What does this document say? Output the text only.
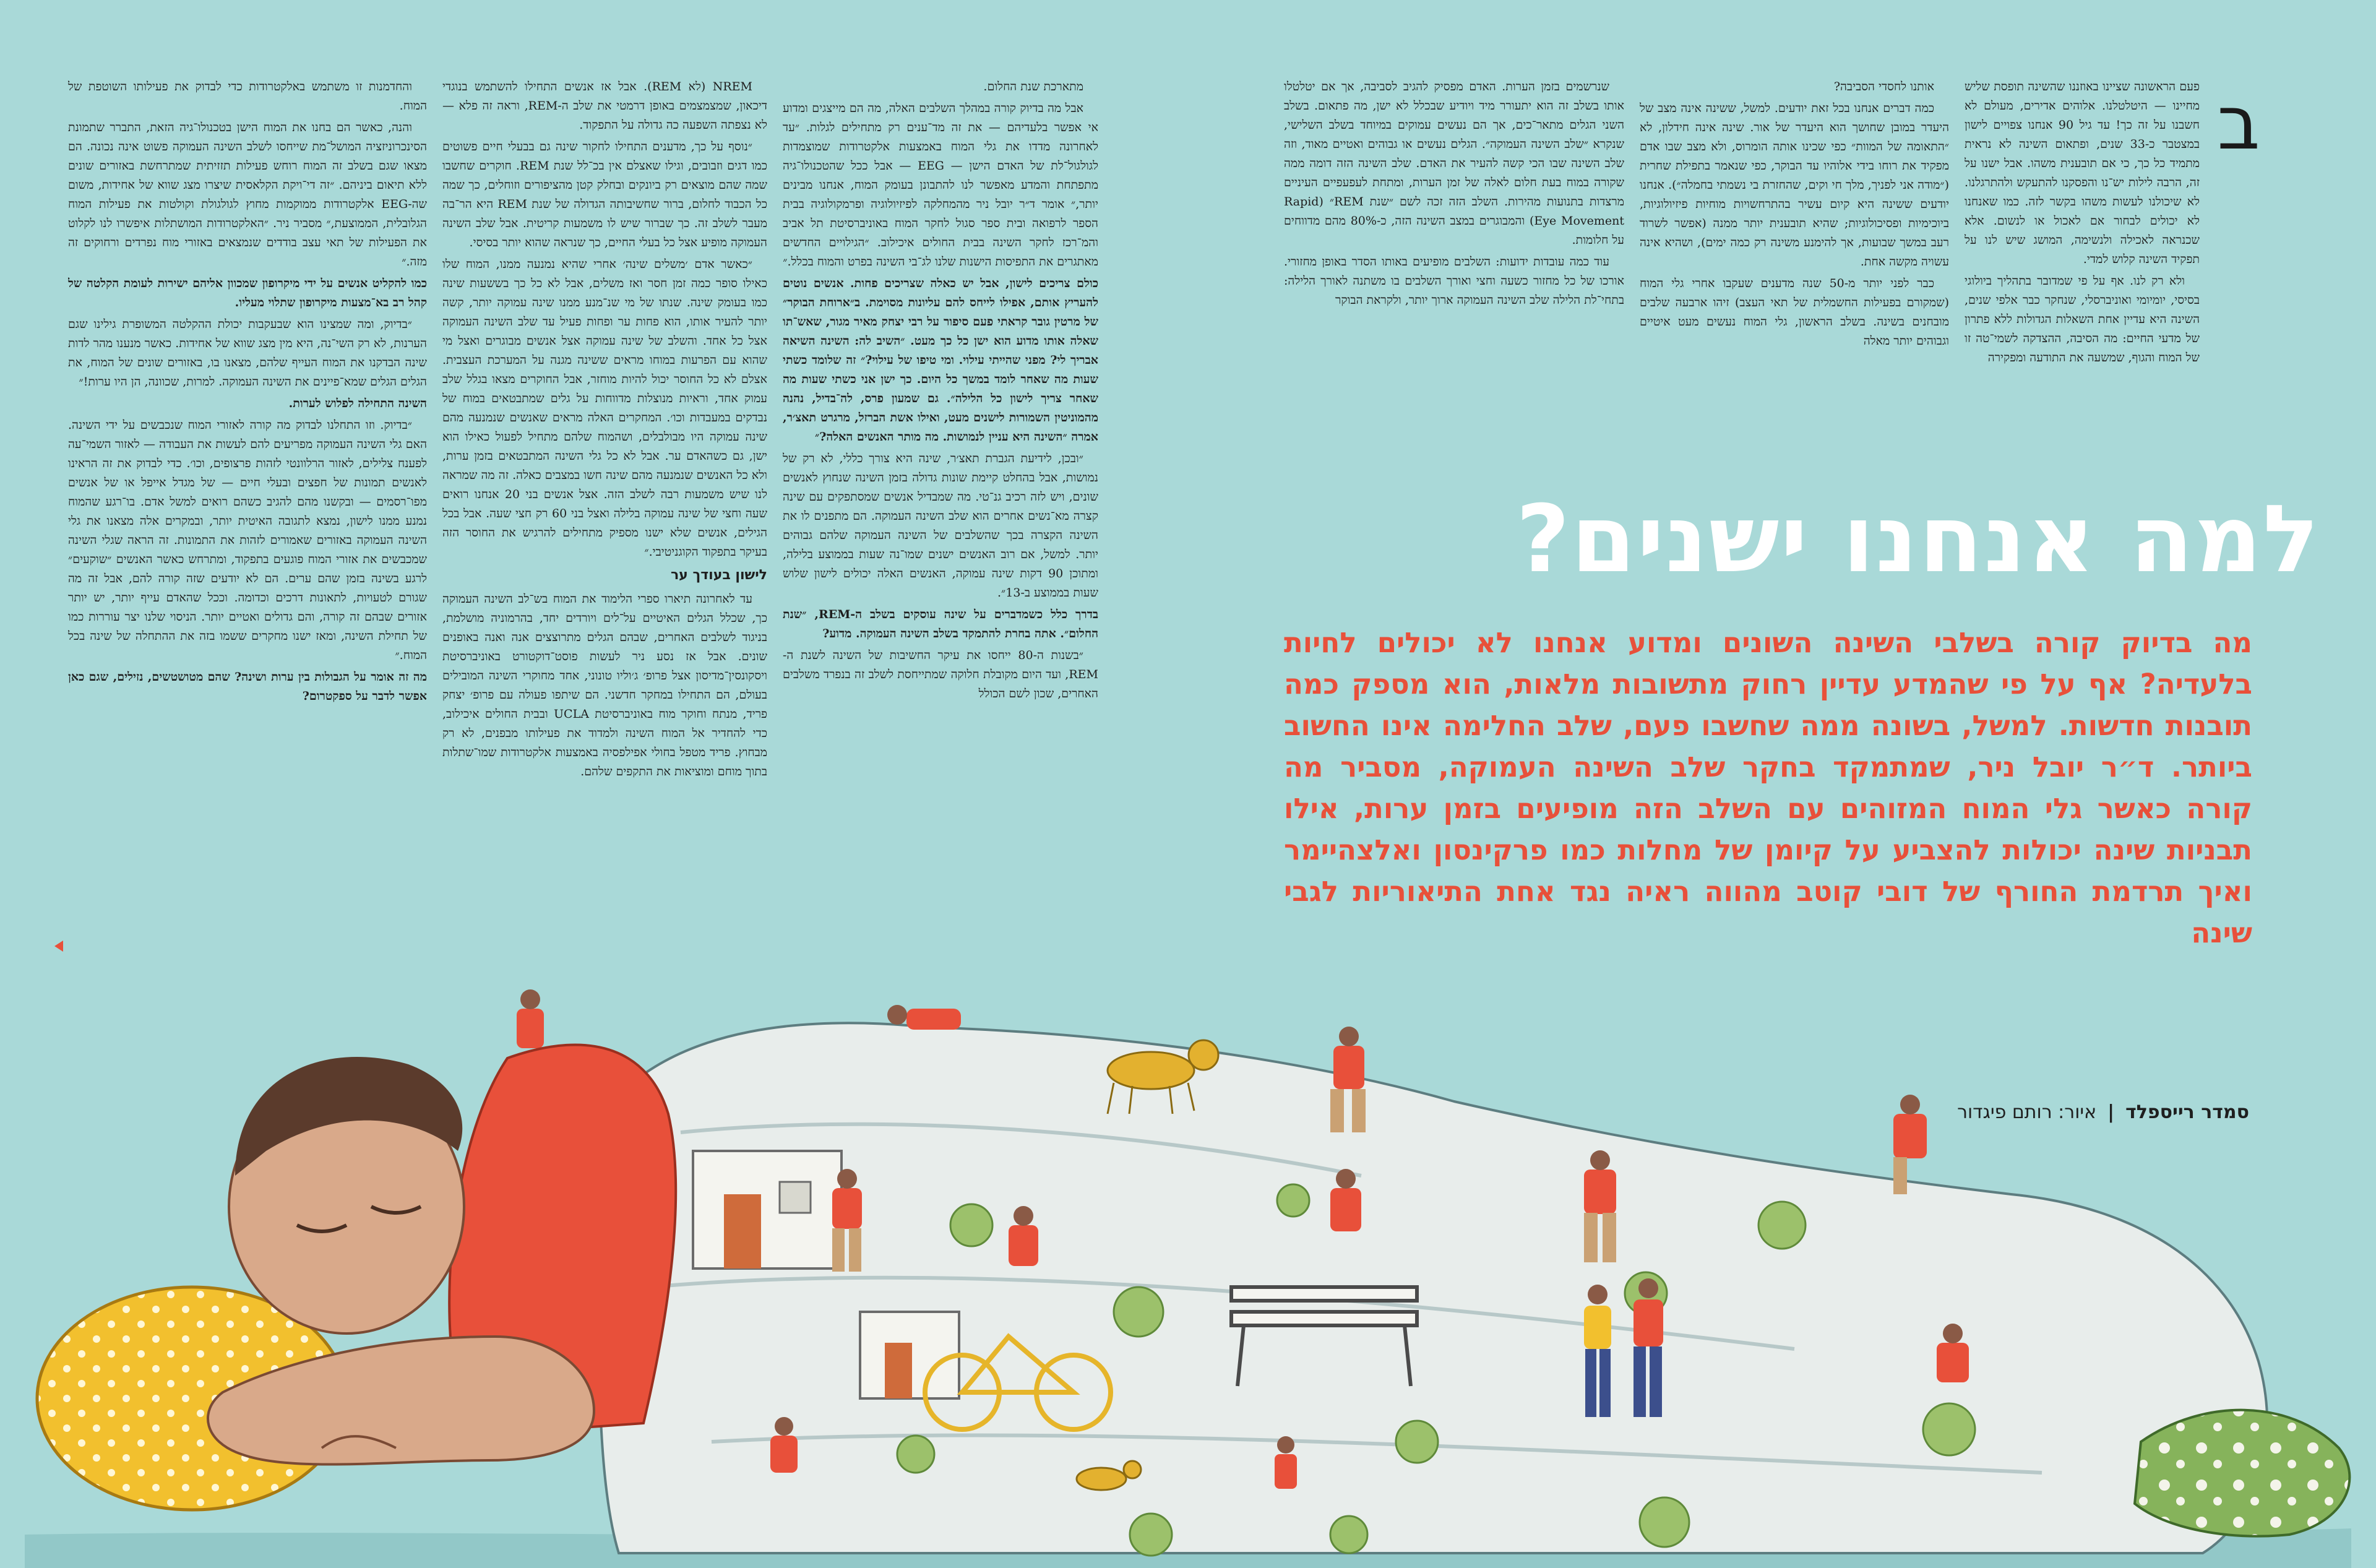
פעם הראשונה שציינו באוזננו שהשינה תופסת שליש מחיינו — היטלטלנו. אלוהים אדירים, מעולם לא חשבנו על זה כך! עד גיל 90 אנחנו צפויים לישון במצטבר כ-33 שנים, ופתאום השינה לא נראית מתמיד כל כך, כי אם תובענית משהו. אבל ישנו על זה, הרבה לילות יש־נו והפסקנו להתעקש ולהתרגלנו. לא שיכולנו לעשות משהו בקשר לזה. כמו שאנחנו לא יכולים לבחור אם לאכול או לנשום. אלא שכנראה לאכילה ולנשימה, המושג שיש לנו על תפקיד השינה קלוש למדי.

ולא רק לנו. אף על פי שמדובר בתהליך ביולוגי בסיסי, יומיומי ואוניברסלי, שנחקר כבר אלפי שנים, השינה היא עדיין אחת השאלות הגדולות ללא פתרון של מדעי החיים: מה הסיבה, ההצדקה לשמי־טה זו של המוח והגוף, שמשעה את התודעה ומפקירה

ב

אותנו לחסדי הסביבה?

כמה דברים אנחנו בכל זאת יודעים. למשל, ששינה אינה מצב של היעדר במובן שחושך הוא היעדר של אור. שינה אינה חידלון, לא ״התאומה של המוות״ כפי שכינו אותה הומרוס, ולא מצב שבו אדם מפקיד את רוחו בידי אלוהיו עד הבוקר, כפי שנאמר בתפילת שחרית (״מודה אני לפניך, מלך חי וקים, שהחזרת בי נשמתי בחמלה״). אנחנו יודעים ששינה היא קיום עשיר בהתרחשויות מוחיות פיזיולוגיות, ביוכימיות ופסיכולוגיות; שהיא תובענית יותר ממנה (אפשר לשרוד רעב במשך שבועות, אך להימנע משינה רק כמה ימים), ושהיא אינה עשויה מקשה אחת.

כבר לפני יותר מ-50 שנה מדענים שעקבו אחרי גלי המוח (שמקורם בפעילות החשמלית של תאי העצב) זיהו ארבעה שלבים מובחנים בשינה. בשלב הראשון, גלי המוח נעשים מעט איטיים וגבוהים יותר מאלה

שנרשמים בזמן הערות. האדם מפסיק להגיב לסביבה, אך אם יטלטלו אותו בשלב זה הוא יתעורר מיד ויודיע שבכלל לא ישן, מה פתאום. בשלב השני הגלים מתאר־כים, אך הם נעשים עמוקים במיוחד בשלב השלישי, שנקרא ״שלב השינה העמוקה״. הגלים נעשים או גבוהים ואטיים מאוד, וזה שלב השינה שבו הכי קשה להעיר את האדם. שלב השינה הזה דומה ממה שקורה במוח בעת חלום לאלה של זמן הערות, ומתחת לעפעפיים העיניים מרצדות בתנועות מהירות. השלב הזה זכה לשם ״שנת REM״ (Rapid Eye Movement) והמבוגרים במצב השינה הזה, כ-80% מהם מדווחים על חלומות.

עוד כמה עובדות ידועות: השלבים מופיעים באותו הסדר באופן מחזורי. אורכו של כל מחזור כשעה וחצי ואורך השלבים בו משתנה לאורך הלילה: בתחי־לת הלילה שלב השינה העמוקה ארוך יותר, ולקראת הבוקר

מתארכת שנת החלום.

אבל מה בדיוק קורה במהלך השלבים האלה, מה הם מייצגים ומדוע אי אפשר בלעדיהם — את זה מד־ענים רק מתחילים לגלות. ״עד לאחרונה מדדו את גלי המוח באמצעות אלקטרודות שמוצמדות לגולגול־לת של האדם הישן — EEG — אבל ככל שהטכנולו־גיה מתפתחת והמדע מאפשר לנו להתבונן בעומק המוח, אנחנו מבינים יותר,״ אומר ד״ר יובל ניר מהמחלקה לפיזיולוגיה ופרמקולוגיה בבית הספר לרפואה ובית ספר סגול לחקר המוח באוניברסיטת תל אביב והמ־רכז לחקר השינה בבית החולים איכילוב. ״הגילויים החדשים מאתגרים את התפיסות הישנות שלנו לג־בי השינה בפרט והמוח בכלל.״

כולם צריכים לישון, אבל יש כאלה שצריכים פחות. אנשים נוטים להעריץ אותם, אפילו לייחס להם עליונות מסוימת. ב״ארוחת הבוקר״ של מרטין גובר קראתי פעם סיפור על רבי יצחק מאיר מגור, שאש־תו שאלה אותו מדוע הוא ישן כל כך מעט. ״השיב לה: השינה השיאה אבריך לי? מפני שהייתי עילוי. ומי טיפו של עילוי?״ זה שלומד כשתי שעות מה שאחר לומד במשך כל היום. כך ישן אני כשתי שעות מה שאחר צריך לישון כל הלילה״. גם שמעון פרס, לה־בדיל, נהנה מהמוניטין השמורות לישנים מעט, ואילו אשת הברזל, מרגרט תאצ׳ר, אמרה ״השינה היא עניין לנמושות. מה מותר האנשים האלה?״

״ובכן, לידיעת הגברת תאצ׳ר, שינה היא צורך כללי, לא רק של נמושות, אבל בהחלט קיימת שונות גדולה בזמן השינה שנחוץ לאנשים שונים, ויש לזה רכיב גנ־טי. מה שמבדיל אנשים שמסתפקים עם שינה קצרה מא־נשים אחרים הוא שלב השינה העמוקה. הם מתפנים לו את השינה הקצרה בכך שהשלבים של השינה העמוקה שלהם גבוהים יותר. למשל, אם רוב האנשים ישנים שמו־נה שעות בממוצע בלילה, ומתוכן 90 דקות שינה עמוקה, האנשים האלה יכולים לישון שלוש שעות בממוצע ב-13״.

בדרך כלל כשמדברים על שינה עוסקים בשלב ה-REM, ״שנת החלום״. אתה בחרת להתמקד בשלב השינה העמוקה. מדוע?

״בשנות ה-80 ייחסו את עיקר החשיבות של השינה לשנת ה-REM, ועד היום מקובלת חלוקה שמתייחסת לשלב זה בנפרד משלבים האחרים, שכון לשם הכולל

NREM (לא REM). אבל אז אנשים התחילו להשתמש בנוגדי דיכאון, שמצמצמים באופן דרמטי את שלב ה-REM, וראה זה פלא — לא נצפתה השפעה כה גדולה על התפקוד.

״נוסף על כך, מדענים התחילו לחקור שינה גם בבעלי חיים פשוטים כמו דגים וזבובים, וגילו שאצלם אין בכ־לל שנת REM. חוקרים שחשבו שמה שהם מוצאים רק ביונקים ובחלק קטן מהציפורים וזוחלים, כך שמה כל הכבוד לחלום, ברור שחשיבותה הגדולה של שנת REM היא הר־בה מעבר לשלב זה. כך שברור שיש לו משמעות קריטית. אבל שלב השינה העמוקה מופיע אצל כל בעלי החיים, כך שנראה שהוא יותר בסיסי.

״כאשר אדם ׳משלים שינה׳ אחרי שהיא נמנעה ממנו, המוח שלו כאילו סופר כמה זמן חסר ואז משלים, אבל לא כל כך בששעות שינה כמו בעומק שינה. שנתו של מי שנ־מנע ממנו שינה עמוקה יותר, קשה יותר להעיר אותו, הוא פחות ער ופחות פעיל עד שלב השינה העמוקה אצל כל אחד. והשלב של שינה עמוקה אצל אנשים מבוגרים ואצל מי שהוא עם הפרעות במוחו מראים ששינה מגנה על המערכת העצבית. אצלם לא כל החוסר יכול להיות מוחזר, אבל החוקרים מצאו בגלל שלב עמוק אחד, וראיות מנוצלות מדווחות על גלים שמתבטאים במוח של נבדקים במעבדות וכו׳. המחקרים האלה מראים שאנשים שנמנעה מהם שינה עמוקה היו מבולבלים, ושהמוח שלהם מתחיל לפעול כאילו הוא ישן, גם כשהאדם ער. אבל לא כל גלי השינה המתבטאים בזמן ערות, ולא כל האנשים שנמנעה מהם שינה חשו במצבים כאלה. זה מה שמראה לנו שיש משמעות רבה לשלב הזה. אצל אנשים בני 20 אנחנו רואים שעה וחצי של שינה עמוקה בלילה ואצל בני 60 רק חצי שעה. אבל בכל הגילים, אנשים שלא ישנו מספיק מתחילים להרגיש את החוסר הזה בעיקר בתפקוד הקוגניטיבי.״

לישון בעודך ער

עד לאחרונה תיארו ספרי הלימוד את המוח בש־לב השינה העמוקה כך, שכלל הגלים האיטיים על־לים ויורדים יחד, בהרמוניה מושלמת, בניגוד לשלבים האחרים, שבהם הגלים מתרוצצים אנה ואנה באופנים שונים. אבל אז נסע ניר לעשות פוסט־דוקטורט באוניברסיטת ויסקונסין־מדיסון אצל פרופ׳ ג׳וליו טונוני, אחד מחוקרי השינה המובילים בעולם, הם התחילו במחקר חדשני. הם שיתפו פעולה עם פרופ׳ יצחק פריד, מנתח וחוקר מוח באוניברסיטת UCLA ובבית החולים איכילוב, כדי להחדיר אל המוח השינה ולמדוד את פעילותו מבפנים, לא רק מבחוץ. פריד מטפל בחולי אפילפסיה באמצעות אלקטרודות שמו־שתלות בתוך מוחם ומוציאות את התקפים שלהם.

והחדמנות זו משתמש באלקטרודות כדי לבדוק את פעילותו השוטפת של המוח.

והנה, כאשר הם בחנו את המוח הישן בטכנולו־גיה הזאת, התברר שתמונת הסינכרוניזציה המושל־מת שייחסו לשלב השינה העמוקה פשוט אינה נכונה. הם מצאו שגם בשלב זה המוח רוחש פעילות תזזיתית שמתרחשת באזורים שונים ללא תיאום ביניהם. ״זה די־ויקת הקלאסית שיצרו מצג שווא של אחידות, משום שה-EEG אלקטרודות ממוקמות מחוץ לגולגולת וקולטות את פעילות המוח הגלובלית, הממוצעת,״ מסביר ניר. ״האלקטרודות המושתלות איפשרו לנו לקלוט את הפעילות של תאי עצב בודדים שנמצאים באזורי מוח נפרדים ורחוקים זה מזה.״

כמו להקליט אנשים על ידי מיקרופון שמכוון אליהם ישירות לעומת הקלטה של קהל רב בא־מצעות מיקרופון שתלוי מעליו.

״בדיוק, ומה שמצינו הוא שבעקבות יכולת ההקלטה המשופרת גילינו שגם הערנות, לא רק השי־נה, היא מין מצג שווא של אחידות. כאשר מנענו מהר לדות שינה הבדקנו את המוח העייף שלהם, מצאנו בו, באזורים שונים של המוח, את הגלים הגלים שמא־פיינים את השינה העמוקה. למרות, שכוונה, הן היו ערות!״

השינה התחילה לפלוש לערות.

״בדיוק. וזו התחלנו לבדוק מה קורה לאזורי המוח שנכבשים על ידי השינה. האם גלי השינה העמוקה מפריעים להם לעשות את העבודה — לאזור השמי־עה לפענח צלילים, לאזור הרלוונטי לזהות פרצופים, וכו׳. כדי לבדוק את זה הראינו לאנשים תמונות של חפצים ובעלי חיים — של מגדל אייפל או של אנשים מפו־רסמים — ובקשנו מהם להגיב כשהם רואים למשל אדם. בו־רגע שהמוח נמנע ממנו לישון, נמצא לתגובה האיטית יותר, ובמקרים אלה מצאנו את גלי השינה העמוקה באזורים שאמורים לזהות את התמונות. זה הראה שגלי השינה שמכבשים את אזורי המוח פוגעים בתפקוד, ומתרחש כאשר האנשים ״שוקעים״ לרגע בשינה בזמן שהם ערים. הם לא יודעים שזה קורה להם, אבל זה מה שגורם לטעויות, לתאונות דרכים וכדומה. וככל שהאדם עייף יותר, יש יותר אזורים שבהם זה קורה, והם גדולים ואטיים יותר. הניסוי שלנו יצר עוררות כמו של תחילת השינה, ומאז ישנו מחקרים ששמו בזה את ההתחלה של שינה בכל המוח.״

מה זה אומר על הגבולות בין ערות ושינה? שהם מטושטשים, נזילים, שגם כאן אפשר לדבר על ספקטרום?

למה אנחנו ישנים?

מה בדיוק קורה בשלבי השינה השונים ומדוע אנחנו לא יכולים לחיות בלעדיה? אף על פי שהמדע עדיין רחוק מתשובות מלאות, הוא מספק כמה תובנות חדשות. למשל, בשונה ממה שחשבו פעם, שלב החלימה אינו החשוב ביותר. ד״ר יובל ניר, שמתמקד בחקר שלב השינה העמוקה, מסביר מה קורה כאשר גלי המוח המזוהים עם השלב הזה מופיעים בזמן ערות, אילו תבניות שינה יכולות להצביע על קיומן של מחלות כמו פרקינסון ואלצהיימר ואיך תרדמת החורף של דובי קוטב מהווה ראיה נגד אחת התיאוריות לגבי שינה

סמדר רייספלד|איור: רותם פיגדור
